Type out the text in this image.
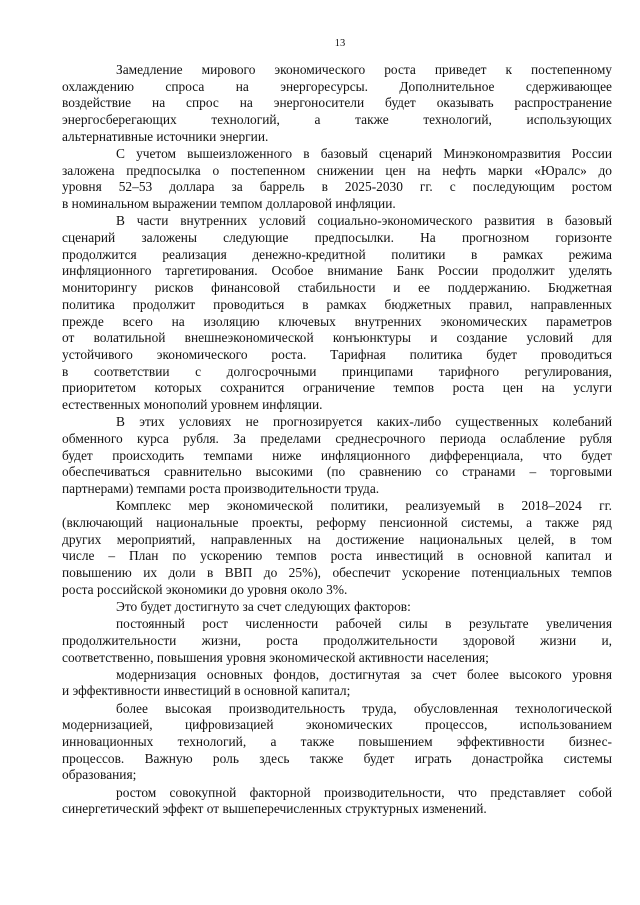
13
Замедление мирового экономического роста приведет к постепенному
охлаждению спроса на энергоресурсы. Дополнительное сдерживающее
воздействие на спрос на энергоносители будет оказывать распространение
энергосберегающих технологий, а также технологий, использующих
альтернативные источники энергии.
С учетом вышеизложенного в базовый сценарий Минэкономразвития России
заложена предпосылка о постепенном снижении цен на нефть марки «Юралс» до
уровня 52–53 доллара за баррель в 2025-2030 гг. с последующим ростом
в номинальном выражении темпом долларовой инфляции.
В части внутренних условий социально-экономического развития в базовый
сценарий заложены следующие предпосылки. На прогнозном горизонте
продолжится реализация денежно-кредитной политики в рамках режима
инфляционного таргетирования. Особое внимание Банк России продолжит уделять
мониторингу рисков финансовой стабильности и ее поддержанию. Бюджетная
политика продолжит проводиться в рамках бюджетных правил, направленных
прежде всего на изоляцию ключевых внутренних экономических параметров
от волатильной внешнеэкономической конъюнктуры и создание условий для
устойчивого экономического роста. Тарифная политика будет проводиться
в соответствии с долгосрочными принципами тарифного регулирования,
приоритетом которых сохранится ограничение темпов роста цен на услуги
естественных монополий уровнем инфляции.
В этих условиях не прогнозируется каких-либо существенных колебаний
обменного курса рубля. За пределами среднесрочного периода ослабление рубля
будет происходить темпами ниже инфляционного дифференциала, что будет
обеспечиваться сравнительно высокими (по сравнению со странами – торговыми
партнерами) темпами роста производительности труда.
Комплекс мер экономической политики, реализуемый в 2018–2024 гг.
(включающий национальные проекты, реформу пенсионной системы, а также ряд
других мероприятий, направленных на достижение национальных целей, в том
числе – План по ускорению темпов роста инвестиций в основной капитал и
повышению их доли в ВВП до 25%), обеспечит ускорение потенциальных темпов
роста российской экономики до уровня около 3%.
Это будет достигнуто за счет следующих факторов:
постоянный рост численности рабочей силы в результате увеличения
продолжительности жизни, роста продолжительности здоровой жизни и,
соответственно, повышения уровня экономической активности населения;
модернизация основных фондов, достигнутая за счет более высокого уровня
и эффективности инвестиций в основной капитал;
более высокая производительность труда, обусловленная технологической
модернизацией, цифровизацией экономических процессов, использованием
инновационных технологий, а также повышением эффективности бизнес-
процессов. Важную роль здесь также будет играть донастройка системы
образования;
ростом совокупной факторной производительности, что представляет собой
синергетический эффект от вышеперечисленных структурных изменений.
